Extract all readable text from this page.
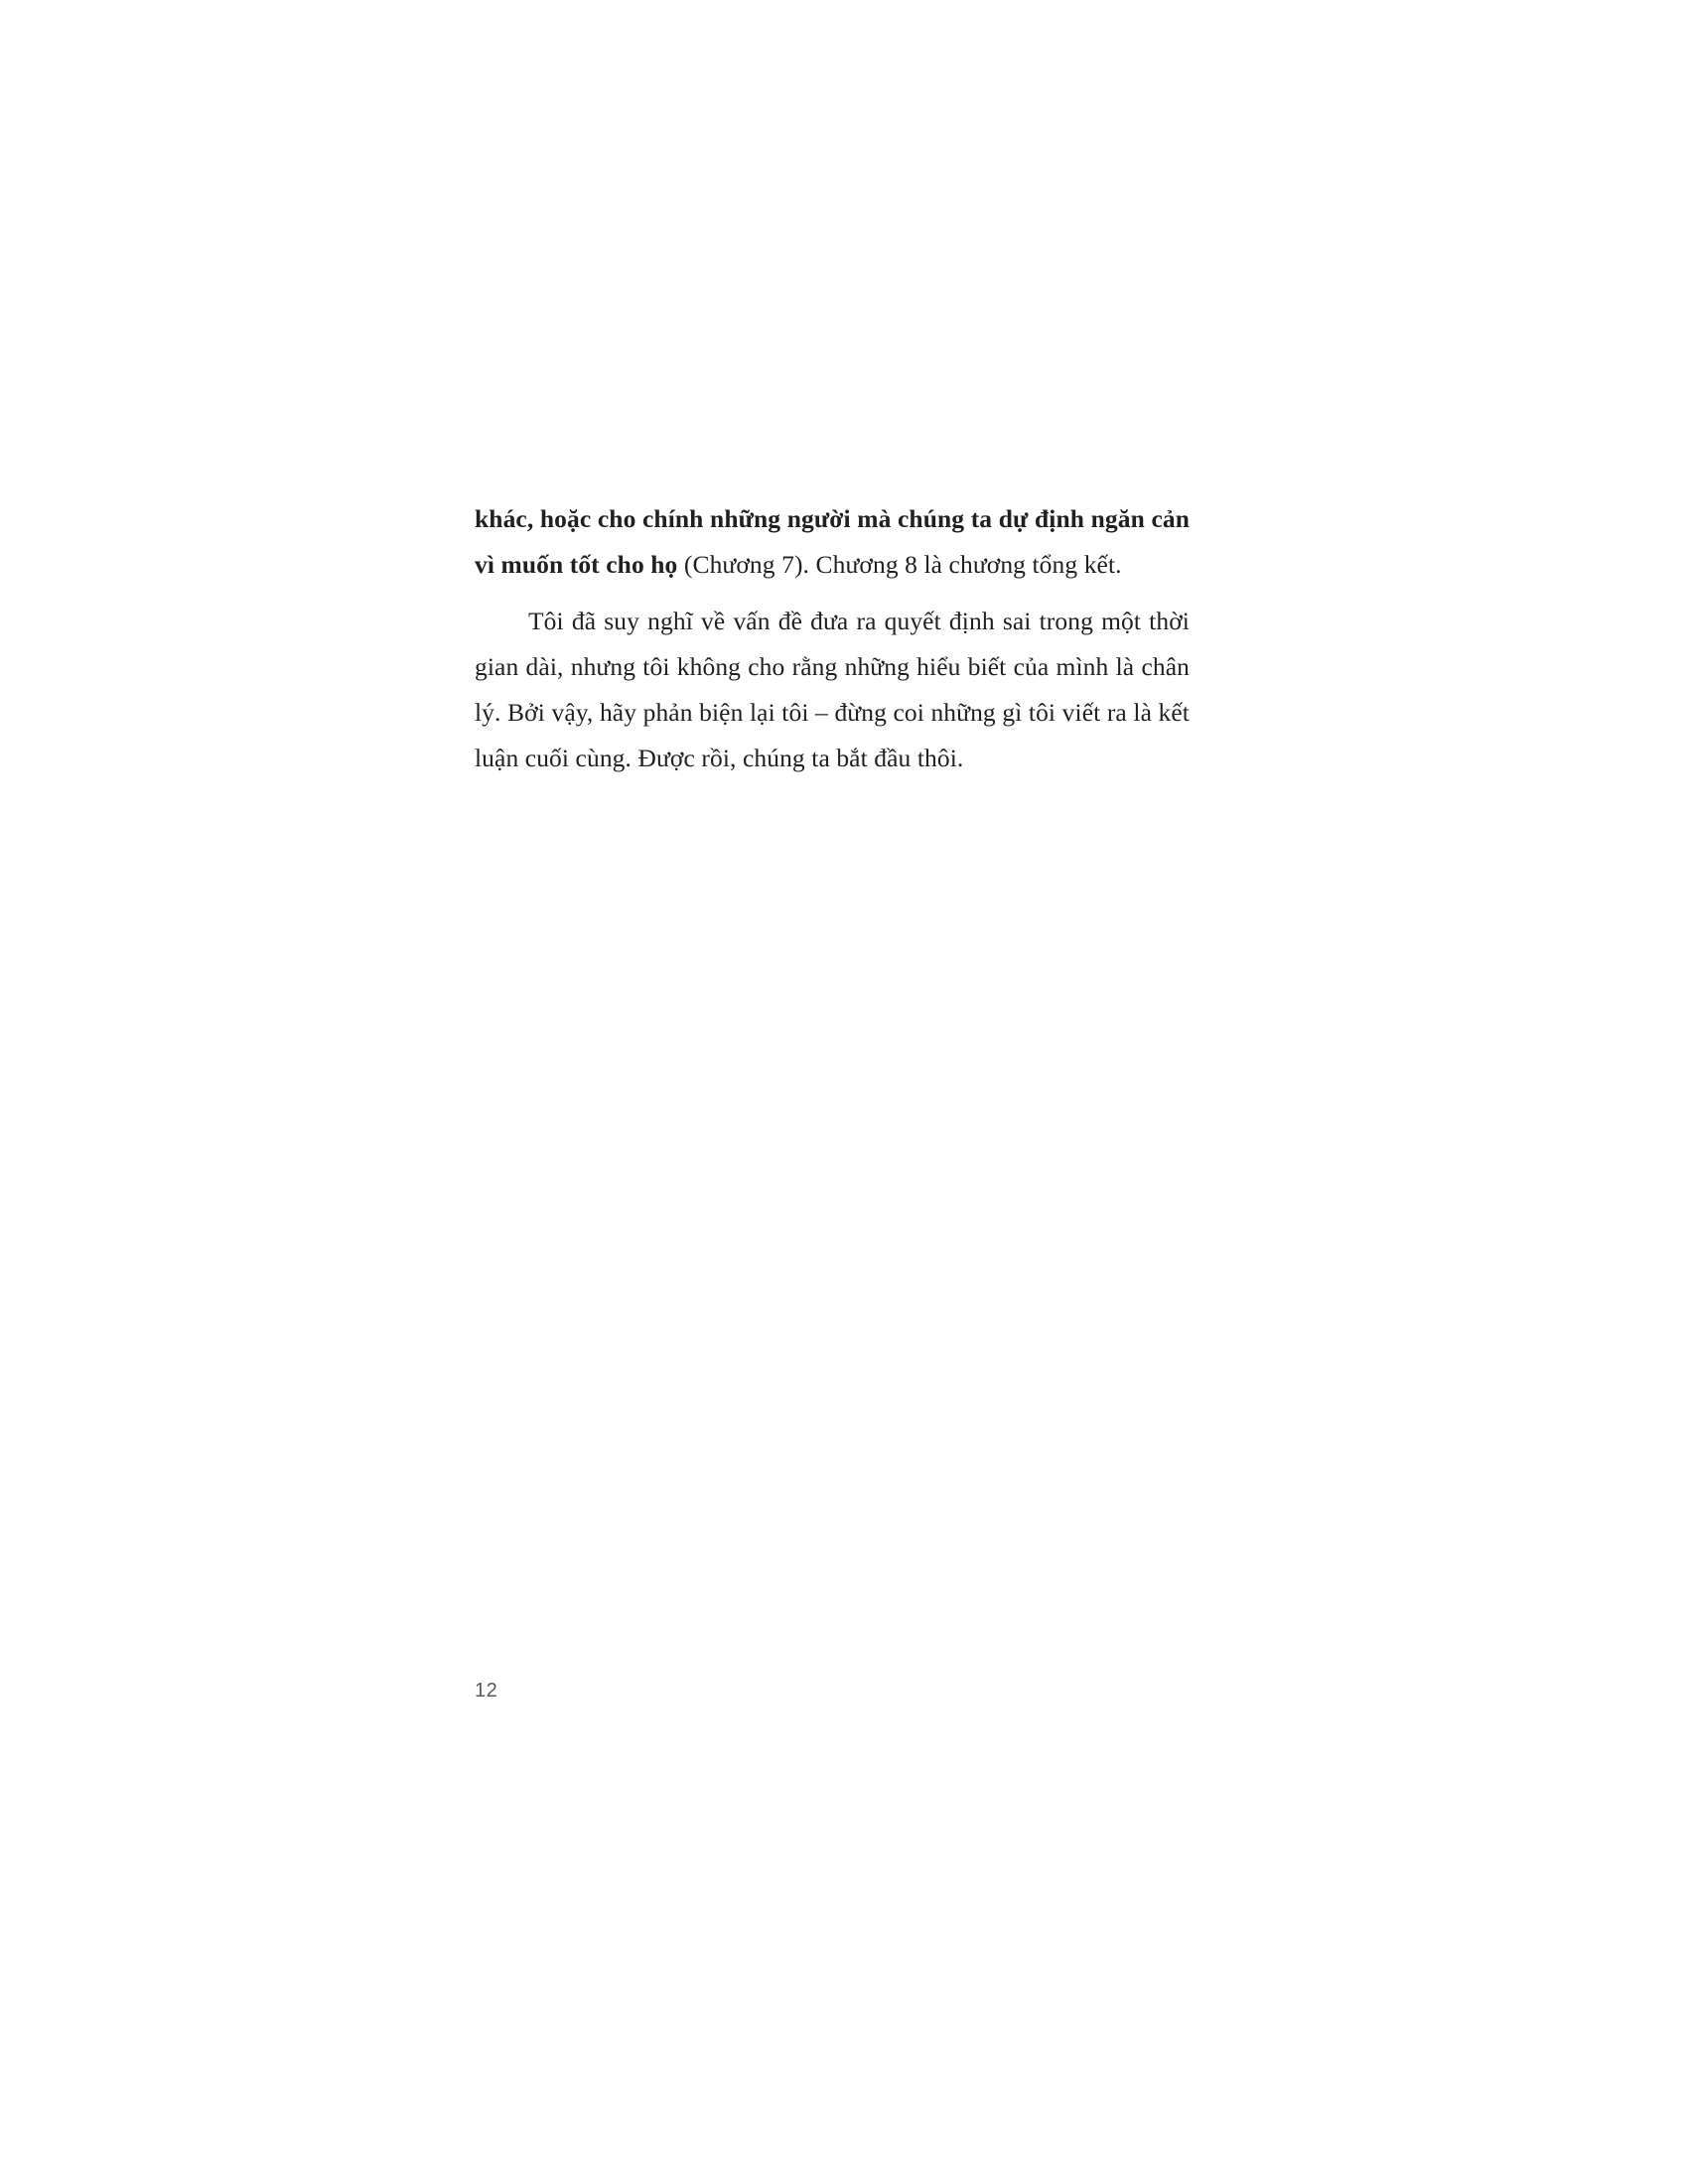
khác, hoặc cho chính những người mà chúng ta dự định ngăn cản vì muốn tốt cho họ (Chương 7). Chương 8 là chương tổng kết.

Tôi đã suy nghĩ về vấn đề đưa ra quyết định sai trong một thời gian dài, nhưng tôi không cho rằng những hiểu biết của mình là chân lý. Bởi vậy, hãy phản biện lại tôi – đừng coi những gì tôi viết ra là kết luận cuối cùng. Được rồi, chúng ta bắt đầu thôi.

12
